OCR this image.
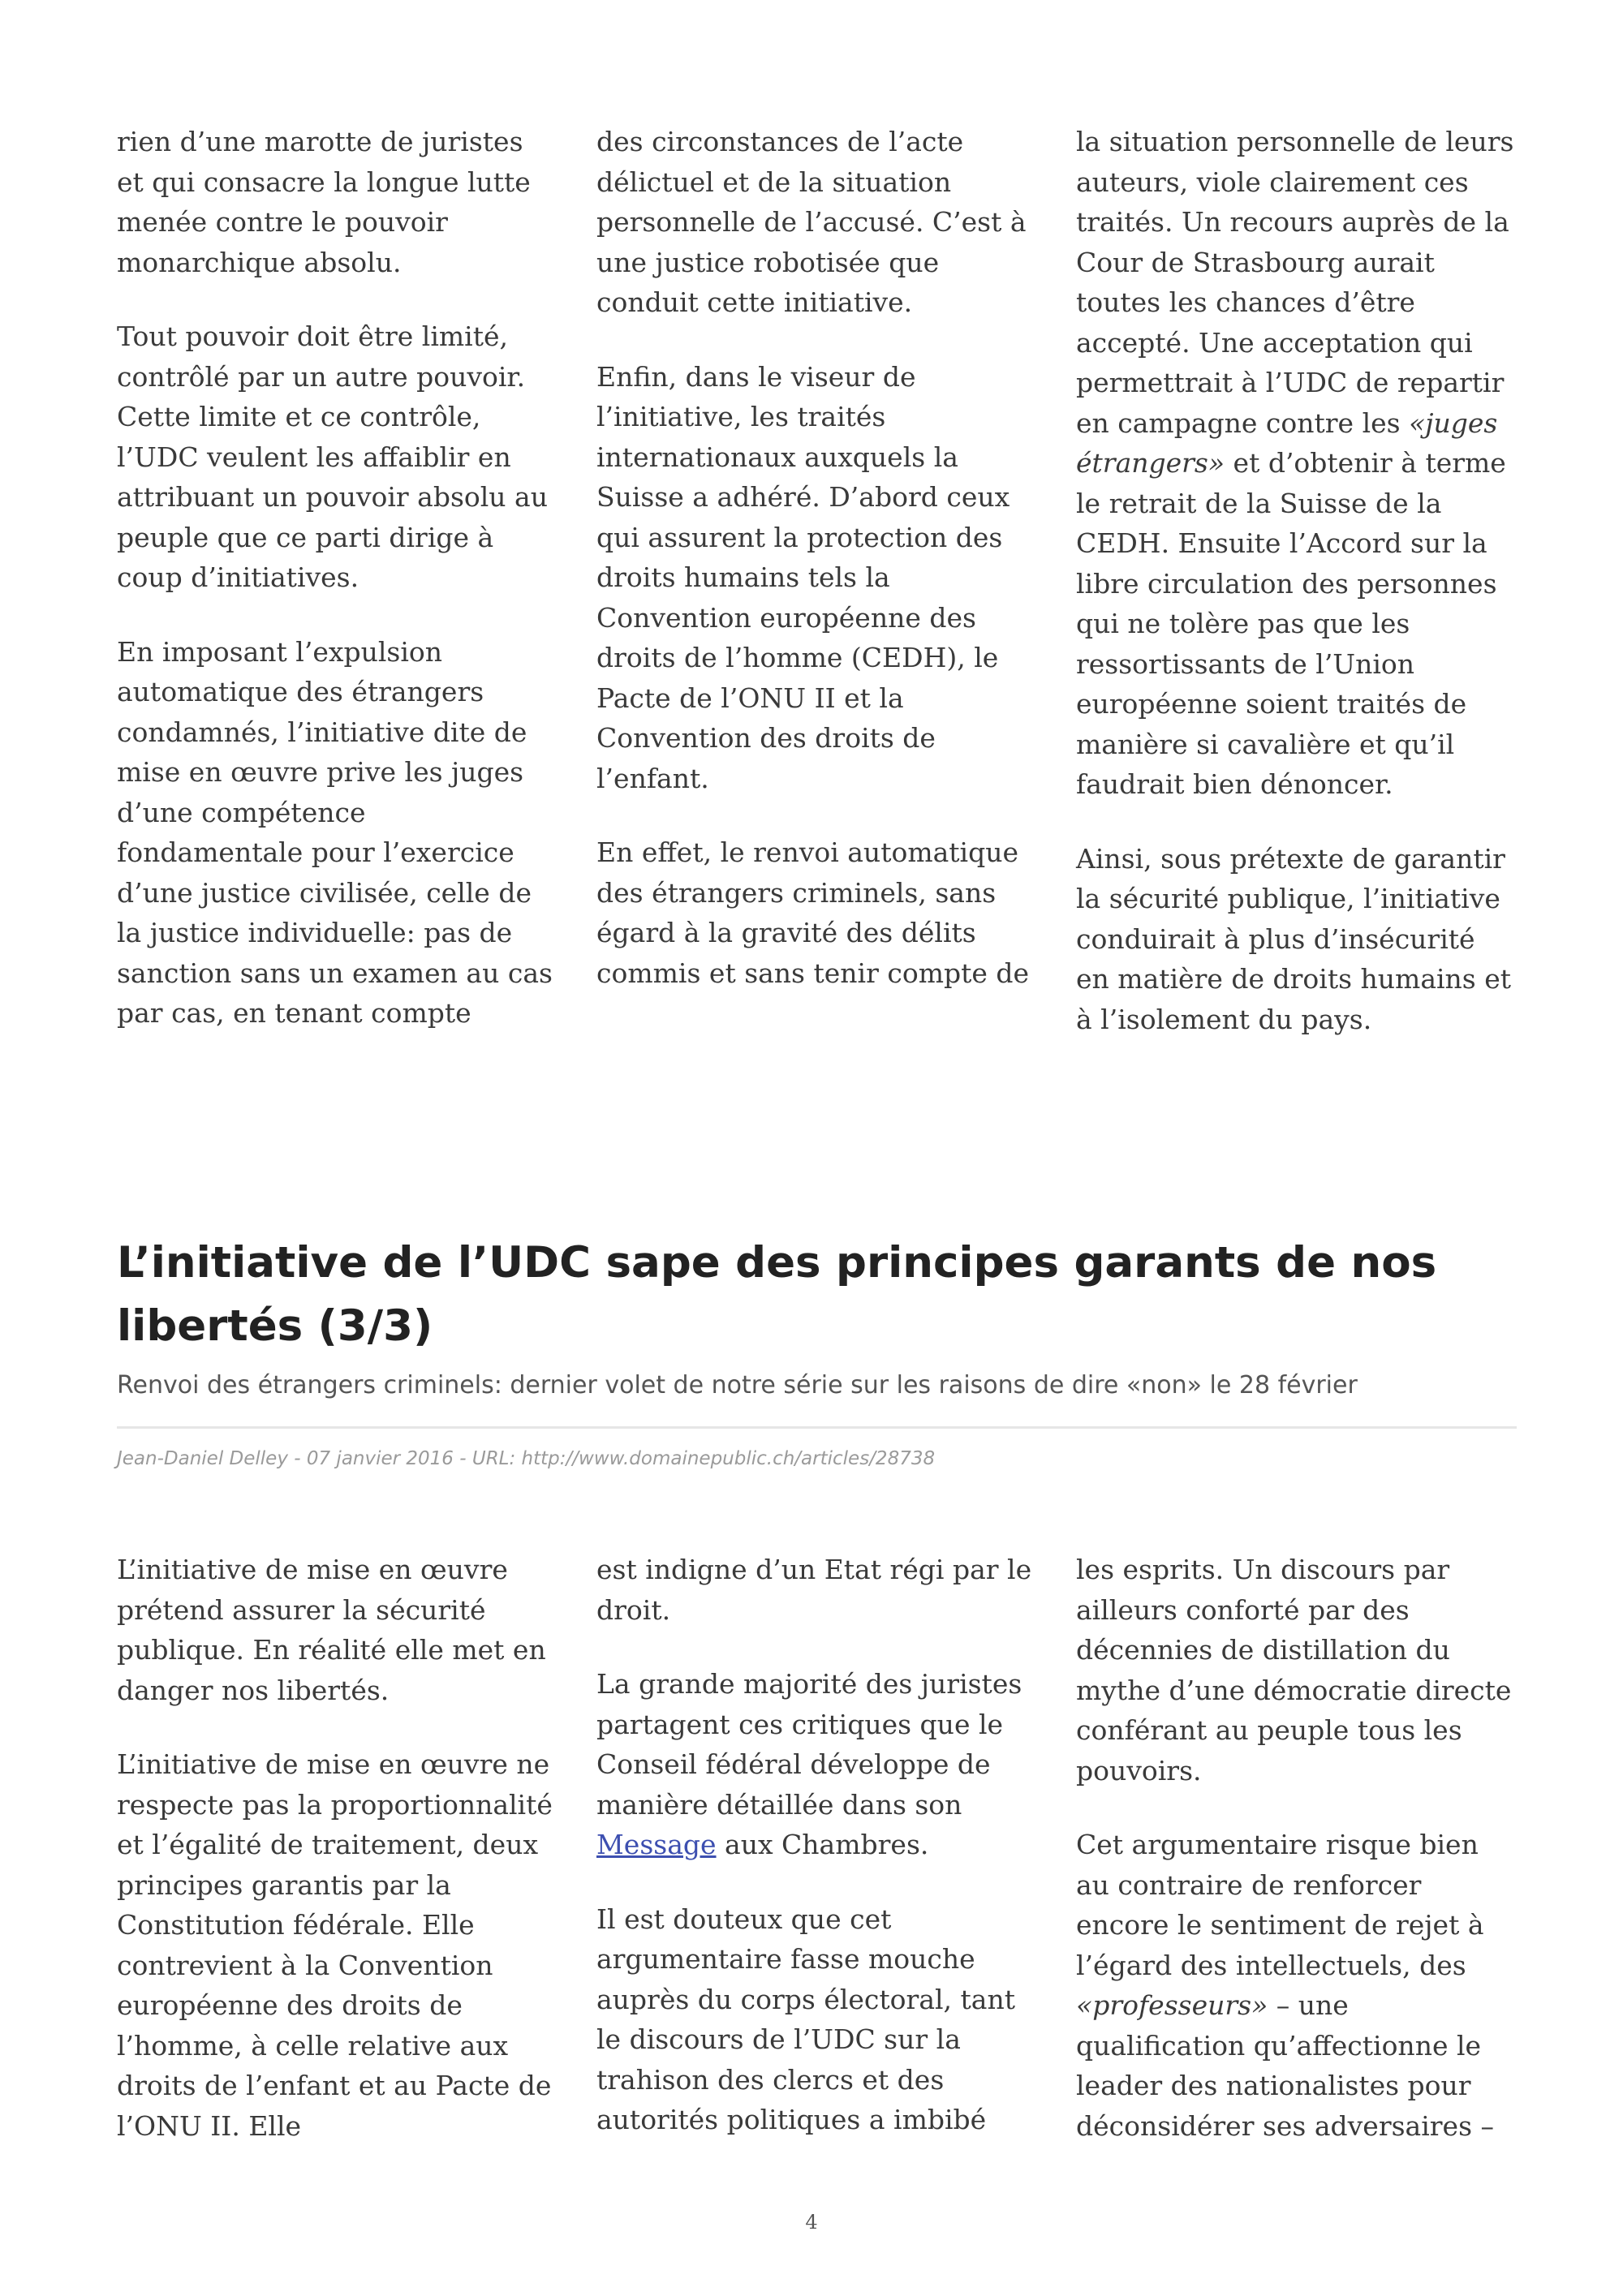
rien d’une marotte de juristes et qui consacre la longue lutte menée contre le pouvoir monarchique absolu.

Tout pouvoir doit être limité, contrôlé par un autre pouvoir. Cette limite et ce contrôle, l’UDC veulent les affaiblir en attribuant un pouvoir absolu au peuple que ce parti dirige à coup d’initiatives.

En imposant l’expulsion automatique des étrangers condamnés, l’initiative dite de mise en œuvre prive les juges d’une compétence fondamentale pour l’exercice d’une justice civilisée, celle de la justice individuelle: pas de sanction sans un examen au cas par cas, en tenant compte

des circonstances de l’acte délictuel et de la situation personnelle de l’accusé. C’est à une justice robotisée que conduit cette initiative.

Enfin, dans le viseur de l’initiative, les traités internationaux auxquels la Suisse a adhéré. D’abord ceux qui assurent la protection des droits humains tels la Convention européenne des droits de l’homme (CEDH), le Pacte de l’ONU II et la Convention des droits de l’enfant.

En effet, le renvoi automatique des étrangers criminels, sans égard à la gravité des délits commis et sans tenir compte de

la situation personnelle de leurs auteurs, viole clairement ces traités. Un recours auprès de la Cour de Strasbourg aurait toutes les chances d’être accepté. Une acceptation qui permettrait à l’UDC de repartir en campagne contre les «juges étrangers» et d’obtenir à terme le retrait de la Suisse de la CEDH. Ensuite l’Accord sur la libre circulation des personnes qui ne tolère pas que les ressortissants de l’Union européenne soient traités de manière si cavalière et qu’il faudrait bien dénoncer.

Ainsi, sous prétexte de garantir la sécurité publique, l’initiative conduirait à plus d’insécurité en matière de droits humains et à l’isolement du pays.

L’initiative de l’UDC sape des principes garants de nos libertés (3/3)
Renvoi des étrangers criminels: dernier volet de notre série sur les raisons de dire «non» le 28 février
Jean-Daniel Delley - 07 janvier 2016 - URL: http://www.domainepublic.ch/articles/28738

L’initiative de mise en œuvre prétend assurer la sécurité publique. En réalité elle met en danger nos libertés.

L’initiative de mise en œuvre ne respecte pas la proportionnalité et l’égalité de traitement, deux principes garantis par la Constitution fédérale. Elle contrevient à la Convention européenne des droits de l’homme, à celle relative aux droits de l’enfant et au Pacte de l’ONU II. Elle

est indigne d’un Etat régi par le droit.

La grande majorité des juristes partagent ces critiques que le Conseil fédéral développe de manière détaillée dans son Message aux Chambres.

Il est douteux que cet argumentaire fasse mouche auprès du corps électoral, tant le discours de l’UDC sur la trahison des clercs et des autorités politiques a imbibé

les esprits. Un discours par ailleurs conforté par des décennies de distillation du mythe d’une démocratie directe conférant au peuple tous les pouvoirs.

Cet argumentaire risque bien au contraire de renforcer encore le sentiment de rejet à l’égard des intellectuels, des «professeurs» – une qualification qu’affectionne le leader des nationalistes pour déconsidérer ses adversaires –

4
